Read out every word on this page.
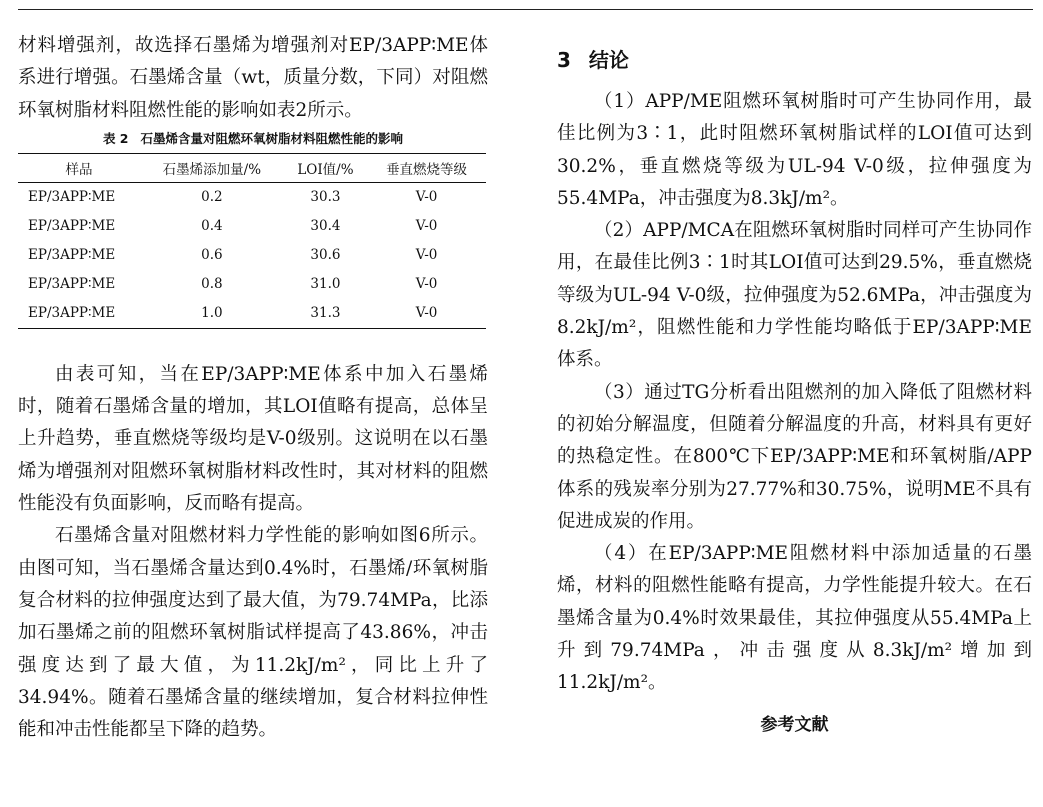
材料增强剂，故选择石墨烯为增强剂对EP/3APP∶ME体系进行增强。石墨烯含量（wt，质量分数，下同）对阻燃环氧树脂材料阻燃性能的影响如表2所示。

表 2 石墨烯含量对阻燃环氧树脂材料阻燃性能的影响
样品	石墨烯添加量/%	LOI值/%	垂直燃烧等级
EP/3APP∶ME	0.2	30.3	V-0
EP/3APP∶ME	0.4	30.4	V-0
EP/3APP∶ME	0.6	30.6	V-0
EP/3APP∶ME	0.8	31.0	V-0
EP/3APP∶ME	1.0	31.3	V-0

由表可知，当在EP/3APP∶ME体系中加入石墨烯时，随着石墨烯含量的增加，其LOI值略有提高，总体呈上升趋势，垂直燃烧等级均是V-0级别。这说明在以石墨烯为增强剂对阻燃环氧树脂材料改性时，其对材料的阻燃性能没有负面影响，反而略有提高。

石墨烯含量对阻燃材料力学性能的影响如图6所示。由图可知，当石墨烯含量达到0.4%时，石墨烯/环氧树脂复合材料的拉伸强度达到了最大值，为79.74MPa，比添加石墨烯之前的阻燃环氧树脂试样提高了43.86%，冲击强度达到了最大值，为11.2kJ/m²，同比上升了34.94%。随着石墨烯含量的继续增加，复合材料拉伸性能和冲击性能都呈下降的趋势。

3 结论

（1）APP/ME阻燃环氧树脂时可产生协同作用，最佳比例为3∶1，此时阻燃环氧树脂试样的LOI值可达到30.2%，垂直燃烧等级为UL-94 V-0级，拉伸强度为55.4MPa，冲击强度为8.3kJ/m²。

（2）APP/MCA在阻燃环氧树脂时同样可产生协同作用，在最佳比例3∶1时其LOI值可达到29.5%，垂直燃烧等级为UL-94 V-0级，拉伸强度为52.6MPa，冲击强度为8.2kJ/m²，阻燃性能和力学性能均略低于EP/3APP∶ME体系。

（3）通过TG分析看出阻燃剂的加入降低了阻燃材料的初始分解温度，但随着分解温度的升高，材料具有更好的热稳定性。在800℃下EP/3APP∶ME和环氧树脂/APP体系的残炭率分别为27.77%和30.75%，说明ME不具有促进成炭的作用。

（4）在EP/3APP∶ME阻燃材料中添加适量的石墨烯，材料的阻燃性能略有提高，力学性能提升较大。在石墨烯含量为0.4%时效果最佳，其拉伸强度从55.4MPa上升到79.74MPa，冲击强度从8.3kJ/m²增加到11.2kJ/m²。

参考文献
